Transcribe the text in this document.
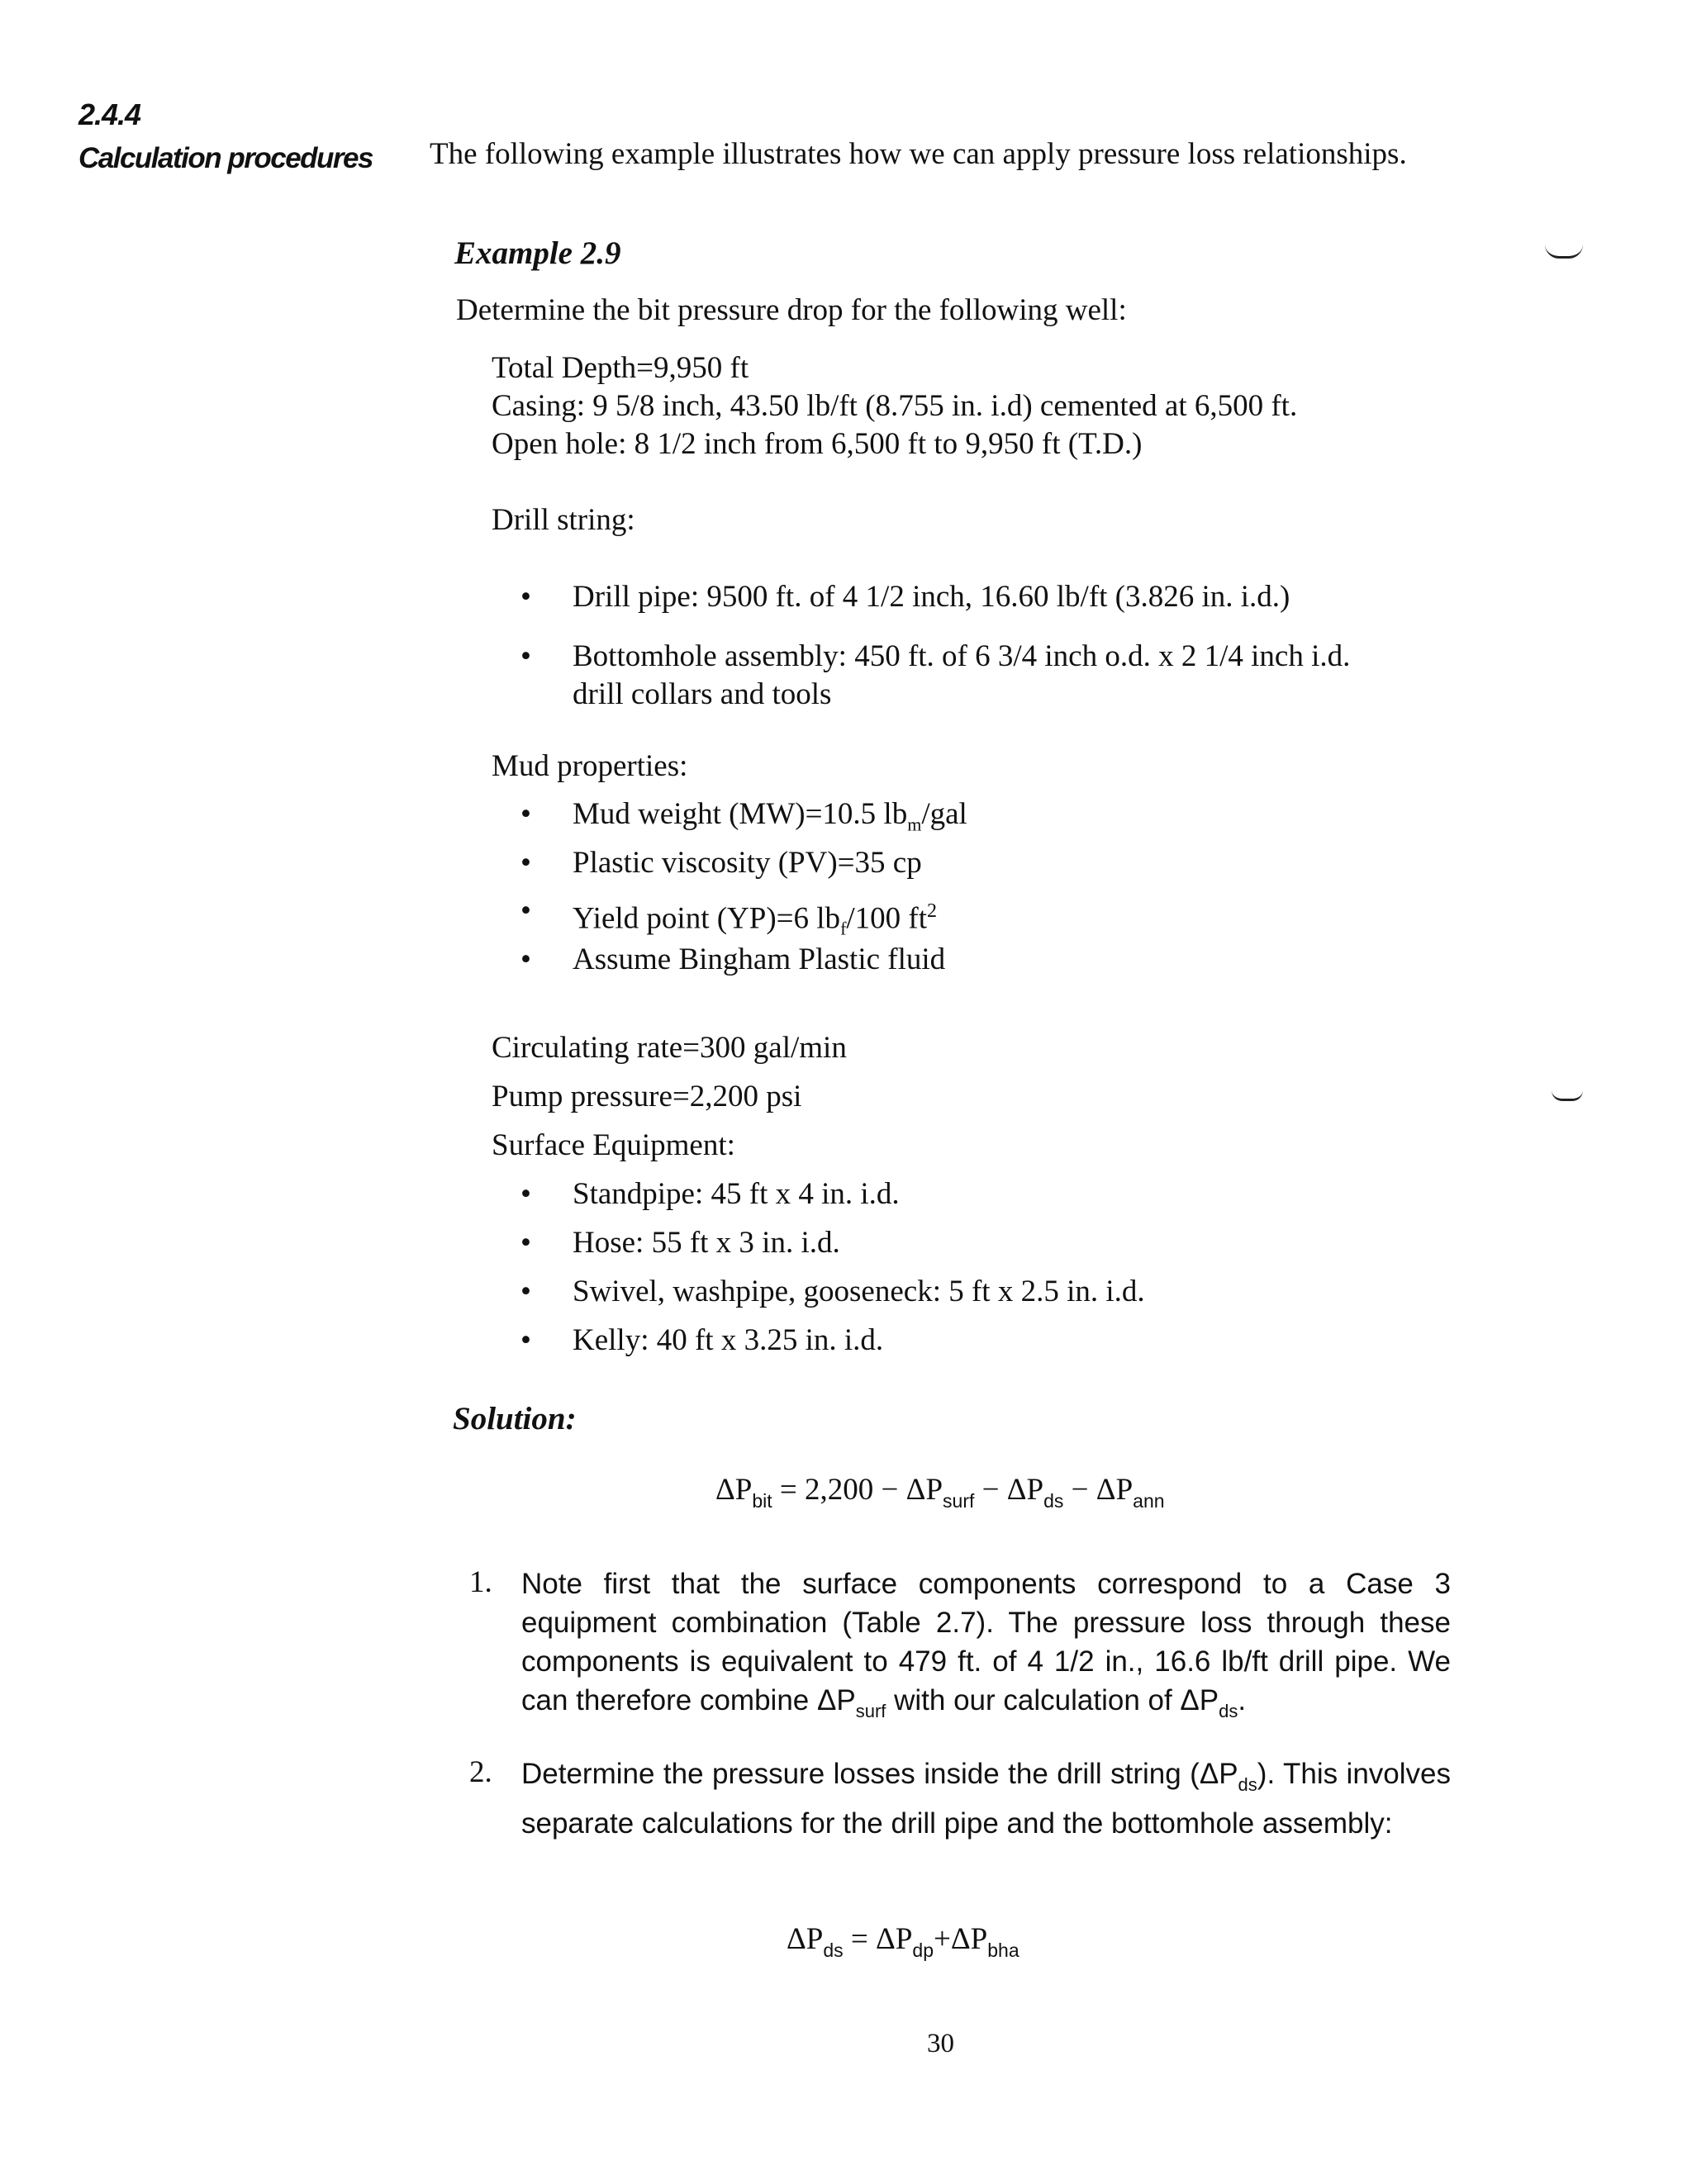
2.4.4
Calculation procedures The following example illustrates how we can apply pressure loss relationships.
Example 2.9
Determine the bit pressure drop for the following well:
Total Depth=9,950 ft
Casing: 9 5/8 inch, 43.50 lb/ft (8.755 in. i.d) cemented at 6,500 ft.
Open hole: 8 1/2 inch from 6,500 ft to 9,950 ft (T.D.)
Drill string:
• Drill pipe: 9500 ft. of 4 1/2 inch, 16.60 lb/ft (3.826 in. i.d.)
• Bottomhole assembly: 450 ft. of 6 3/4 inch o.d. x 2 1/4 inch i.d.
drill collars and tools
Mud properties:
• Mud weight (MW)=10.5 $lb_m$/gal
• Plastic viscosity (PV)=35 cp
• Yield point (YP)=6 $lb_f/100$ $ft^2$
• Assume Bingham Plastic fluid
Circulating rate=300 gal/min
Pump pressure=2,200 psi
Surface Equipment:
• Standpipe: 45 ft x 4 in. i.d.
• Hose: 55 ft x 3 in. i.d.
• Swivel, washpipe, gooseneck: 5 ft x 2.5 in. i.d.
• Kelly: 40 ft x 3.25 in. i.d.
Solution:
$\Delta P_{bit} = 2,200 - \Delta P_{surf} - \Delta P_{ds} - \Delta P_{ann}$
1. Note first that the surface components correspond to a Case 3 equipment combination (Table 2.7). The pressure loss through these components is equivalent to 479 ft. of 4 1/2 in., 16.6 lb/ft drill pipe. We can therefore combine $\Delta P_{surf}$ with our calculation of $\Delta P_{ds}$.
2. Determine the pressure losses inside the drill string $(\Delta P_{ds})$. This involves separate calculations for the drill pipe and the bottomhole assembly:
$\Delta P_{ds} = \Delta P_{dp}+\Delta P_{bha}$
30
